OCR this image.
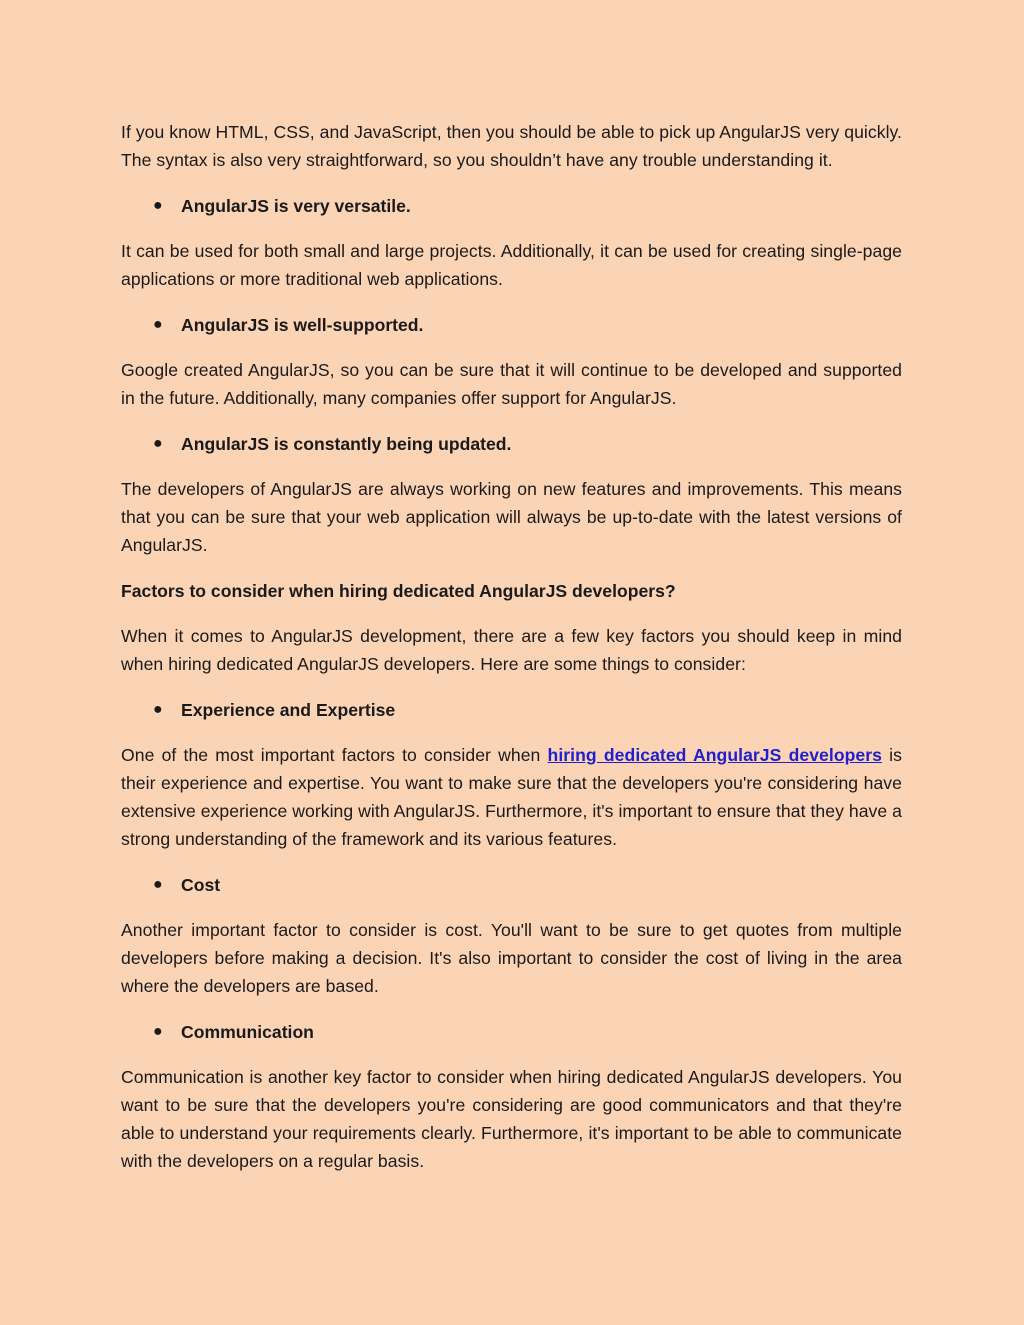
If you know HTML, CSS, and JavaScript, then you should be able to pick up AngularJS very quickly. The syntax is also very straightforward, so you shouldn’t have any trouble understanding it.

●	AngularJS is very versatile.

It can be used for both small and large projects. Additionally, it can be used for creating single-page applications or more traditional web applications.

●	AngularJS is well-supported.

Google created AngularJS, so you can be sure that it will continue to be developed and supported in the future. Additionally, many companies offer support for AngularJS.

●	AngularJS is constantly being updated.

The developers of AngularJS are always working on new features and improvements. This means that you can be sure that your web application will always be up-to-date with the latest versions of AngularJS.

Factors to consider when hiring dedicated AngularJS developers?

When it comes to AngularJS development, there are a few key factors you should keep in mind when hiring dedicated AngularJS developers. Here are some things to consider:

●	Experience and Expertise

One of the most important factors to consider when hiring dedicated AngularJS developers is their experience and expertise. You want to make sure that the developers you're considering have extensive experience working with AngularJS. Furthermore, it's important to ensure that they have a strong understanding of the framework and its various features.

●	Cost

Another important factor to consider is cost. You'll want to be sure to get quotes from multiple developers before making a decision. It's also important to consider the cost of living in the area where the developers are based.

●	Communication

Communication is another key factor to consider when hiring dedicated AngularJS developers. You want to be sure that the developers you're considering are good communicators and that they're able to understand your requirements clearly. Furthermore, it's important to be able to communicate with the developers on a regular basis.
